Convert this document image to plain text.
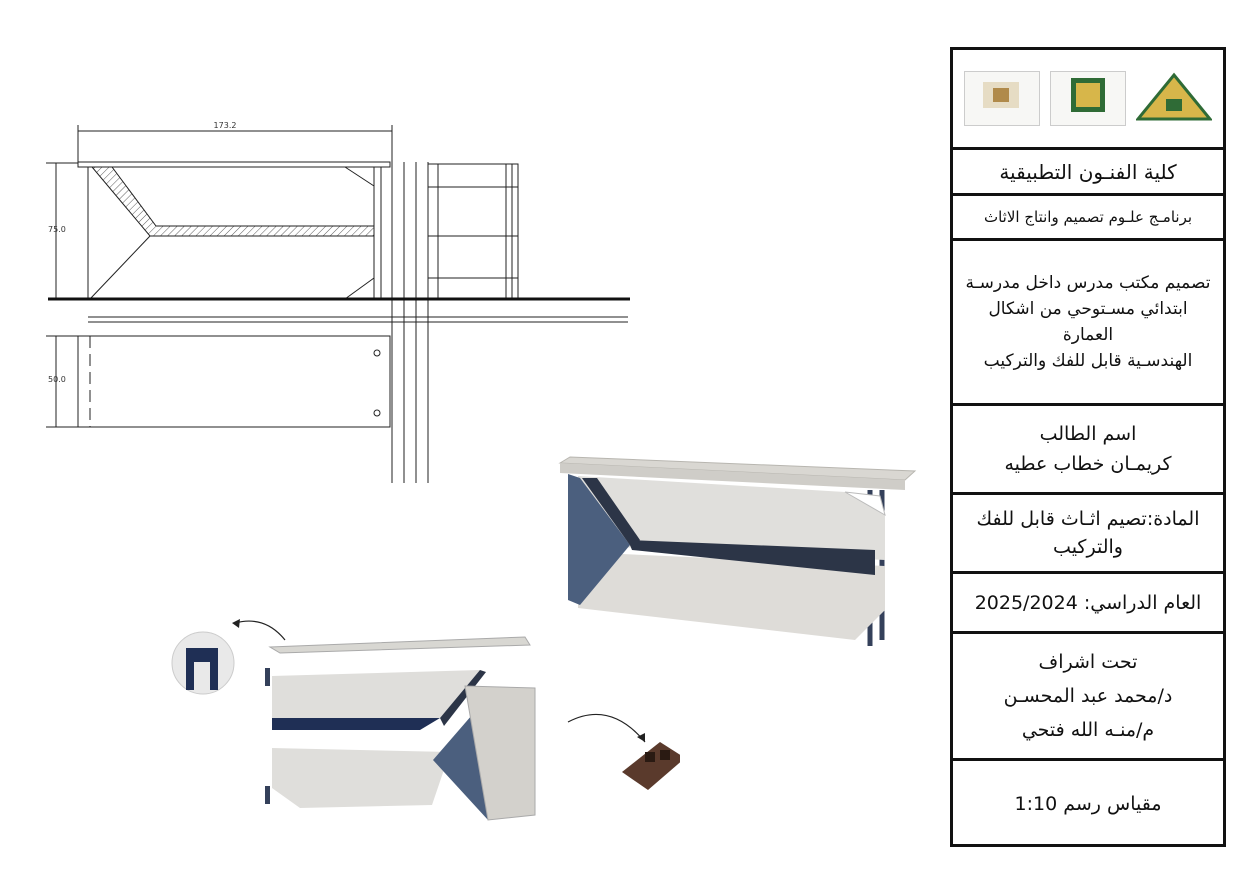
173.2
75.0
50.0
كلية الفنـون التطبيقية
برنامـج علـوم تصميم وانتاج الاثاث
تصميم مكتب مدرس داخل مدرسـة
ابتدائي مسـتوحي من اشكال العمارة
الهندسـية قابل للفك والتركيب
اسم الطالب
كريمـان خطاب عطيه
المادة:تصيم اثـاث قابل للفك والتركيب
العام الدراسي:

2025/2024
تحت اشراف
د/محمد عبد المحسـن
م/منـه الله فتحي
مقياس رسم

1:10
